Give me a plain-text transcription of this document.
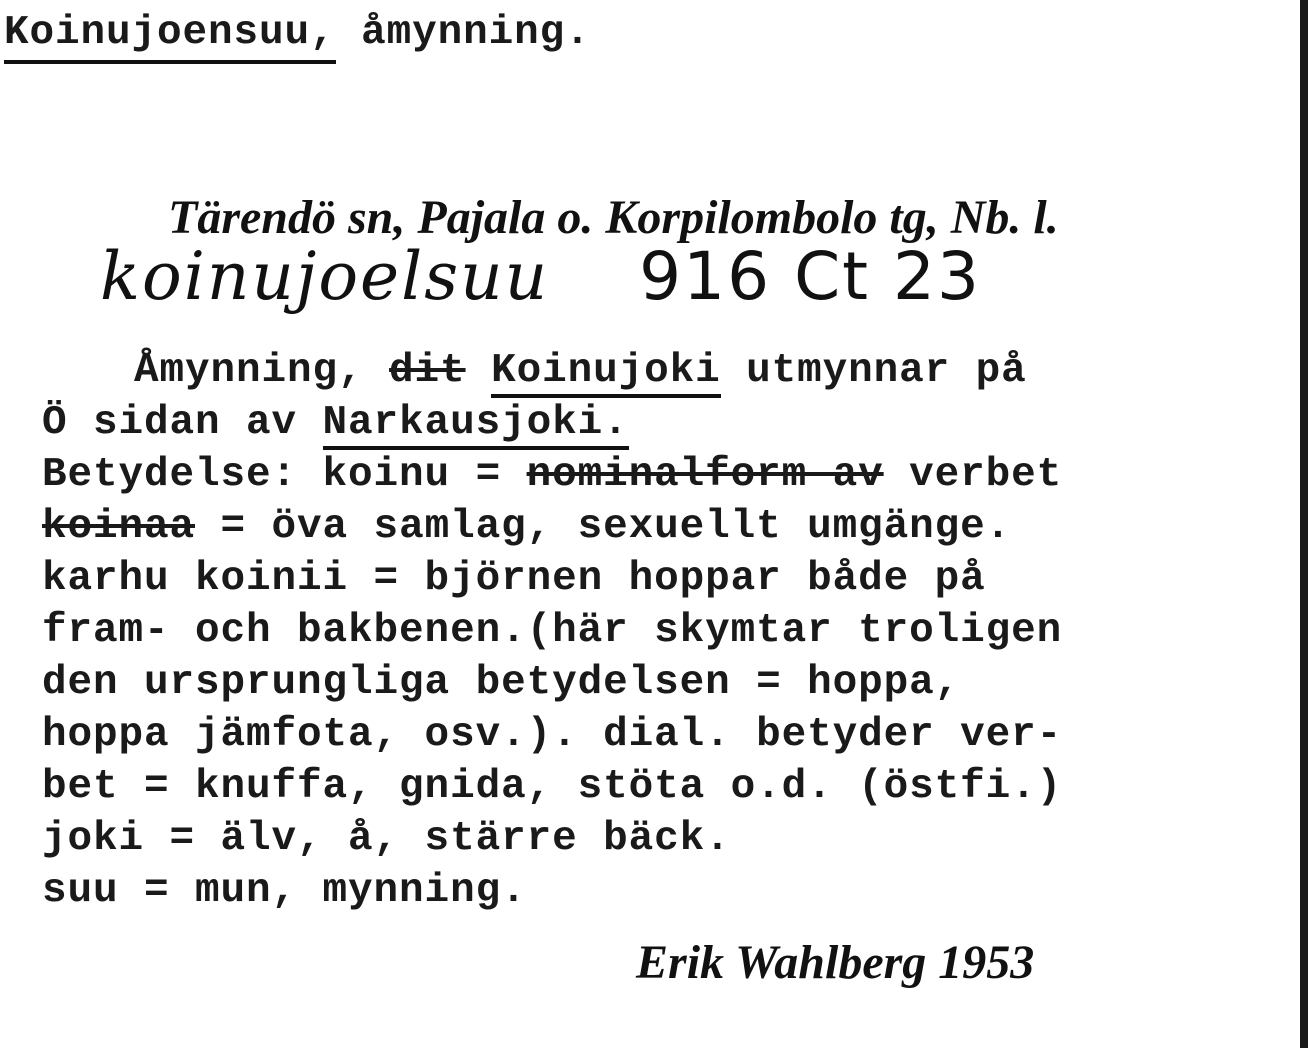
Koinujoensuu, åmynning.
Tärendö sn, Pajala o. Korpilombolo tg, Nb. l.
koinujoelsuu 916 Ct 23
Åmynning, dit Koinujoki utmynnar på
Ö sidan av Narkausjoki.
Betydelse: koinu = nominalform av verbet
koinaa = öva samlag, sexuellt umgänge.
karhu koinii = björnen hoppar både på
fram- och bakbenen.(här skymtar troligen
den ursprungliga betydelsen = hoppa,
hoppa jämfota, osv.). dial. betyder ver-
bet = knuffa, gnida, stöta o.d. (östfi.)
joki = älv, å, stärre bäck.
suu = mun, mynning.
Erik Wahlberg 1953
